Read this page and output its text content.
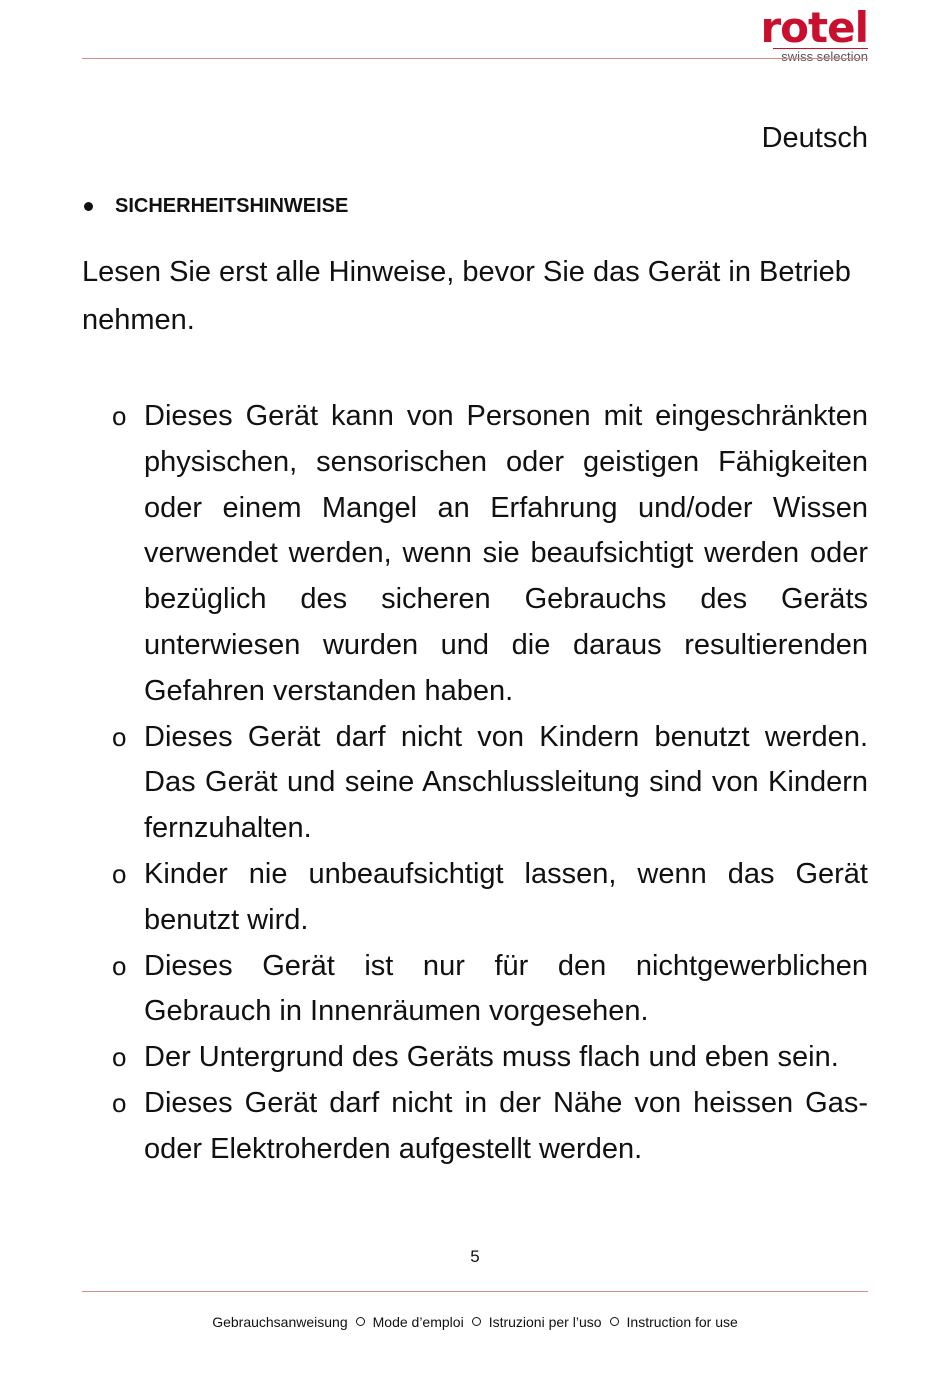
rotel
swiss selection
Deutsch
SICHERHEITSHINWEISE

Lesen Sie erst alle Hinweise, bevor Sie das Gerät in Betrieb nehmen.

o Dieses Gerät kann von Personen mit eingeschränkten physischen, sensorischen oder geistigen Fähigkeiten oder einem Mangel an Erfahrung und/oder Wissen verwendet werden, wenn sie beaufsichtigt werden oder bezüglich des sicheren Gebrauchs des Geräts unterwiesen wurden und die daraus resultierenden Gefahren verstanden haben.
o Dieses Gerät darf nicht von Kindern benutzt werden. Das Gerät und seine Anschlussleitung sind von Kindern fernzuhalten.
o Kinder nie unbeaufsichtigt lassen, wenn das Gerät benutzt wird.
o Dieses Gerät ist nur für den nichtgewerblichen Gebrauch in Innenräumen vorgesehen.
o Der Untergrund des Geräts muss flach und eben sein.
o Dieses Gerät darf nicht in der Nähe von heissen Gas- oder Elektroherden aufgestellt werden.
5
Gebrauchsanweisung Mode d’emploi Istruzioni per l’uso Instruction for use
